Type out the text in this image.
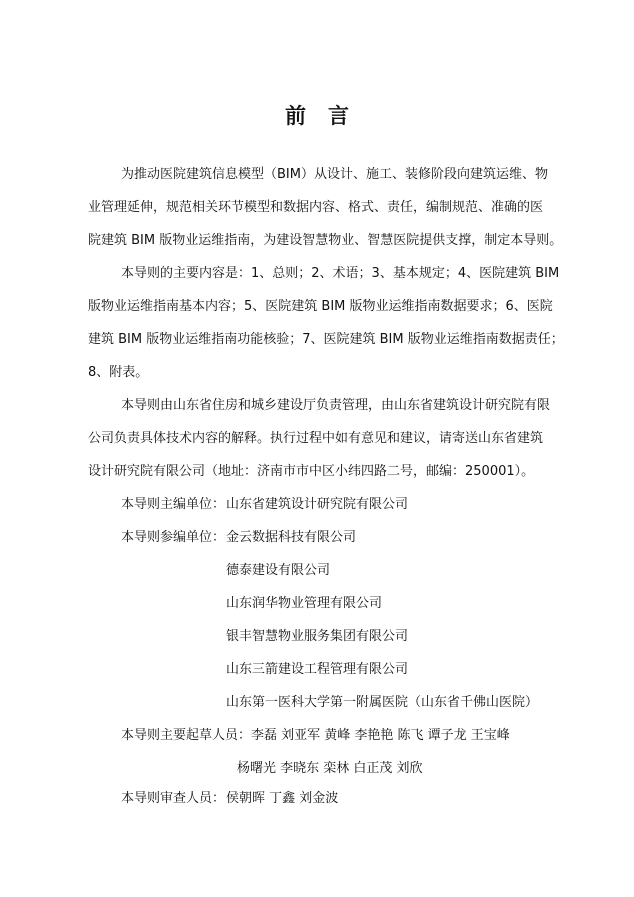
前言
为推动医院建筑信息模型（BIM）从设计、施工、装修阶段向建筑运维、物
业管理延伸，规范相关环节模型和数据内容、格式、责任，编制规范、准确的医
院建筑 BIM 版物业运维指南，为建设智慧物业、智慧医院提供支撑，制定本导则。
本导则的主要内容是：1、总则；2、术语；3、基本规定；4、医院建筑 BIM
版物业运维指南基本内容；5、医院建筑 BIM 版物业运维指南数据要求；6、医院
建筑 BIM 版物业运维指南功能核验；7、医院建筑 BIM 版物业运维指南数据责任；
8、附表。
本导则由山东省住房和城乡建设厅负责管理，由山东省建筑设计研究院有限
公司负责具体技术内容的解释。执行过程中如有意见和建议，请寄送山东省建筑
设计研究院有限公司（地址：济南市市中区小纬四路二号，邮编：250001）。
本导则主编单位： 山东省建筑设计研究院有限公司
本导则参编单位： 金云数据科技有限公司
德泰建设有限公司
山东润华物业管理有限公司
银丰智慧物业服务集团有限公司
山东三箭建设工程管理有限公司
山东第一医科大学第一附属医院（山东省千佛山医院）
本导则主要起草人员： 李磊 刘亚军 黄峰 李艳艳 陈飞 谭子龙 王宝峰
杨曙光 李晓东 栾林 白正茂 刘欣
本导则审查人员： 侯朝晖 丁鑫 刘金波
